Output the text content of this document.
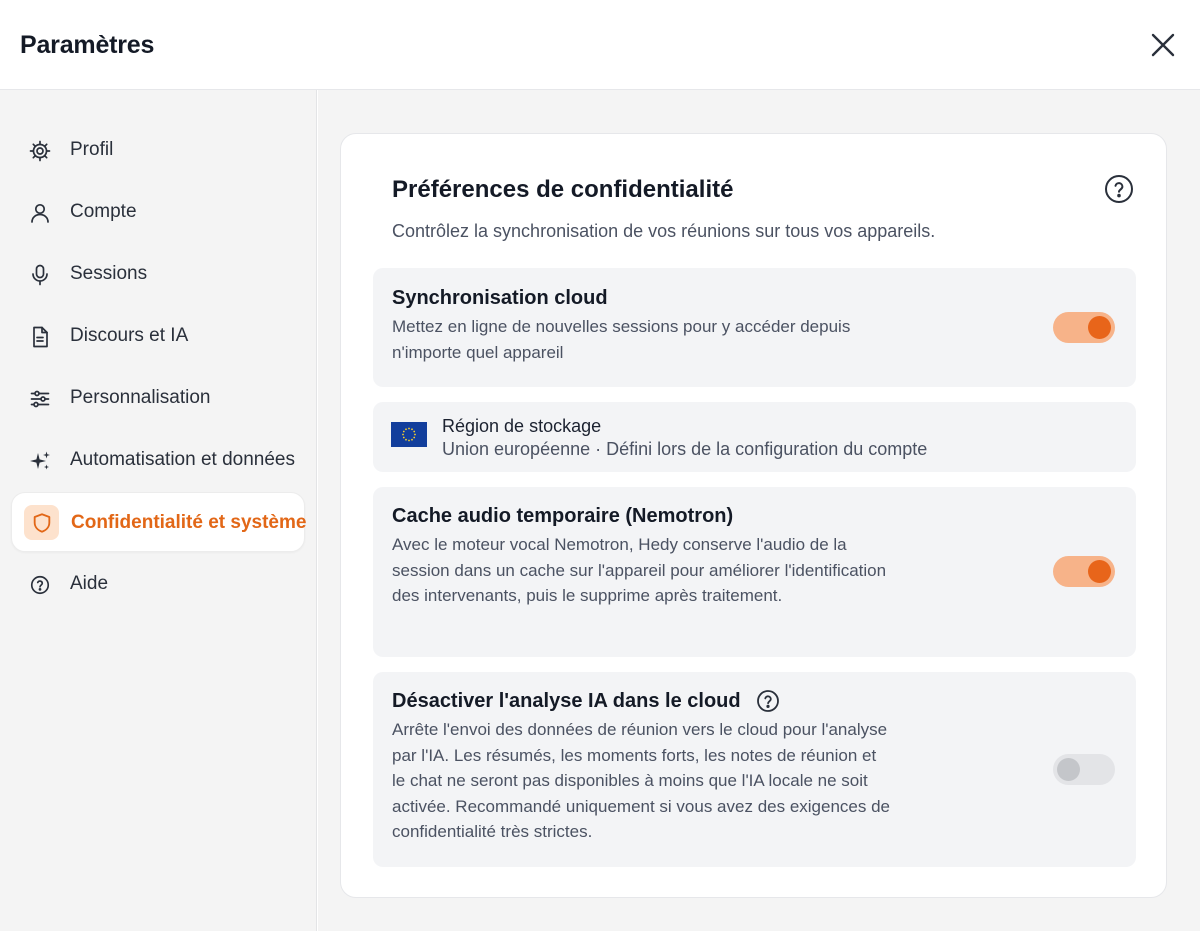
Paramètres
Profil
Compte
Sessions
Discours et IA
Personnalisation
Automatisation et données
Confidentialité et système
Aide
Préférences de confidentialité
Contrôlez la synchronisation de vos réunions sur tous vos appareils.
Synchronisation cloud
Mettez en ligne de nouvelles sessions pour y accéder depuis n'importe quel appareil
Région de stockage
Union européenne · Défini lors de la configuration du compte
Cache audio temporaire (Nemotron)
Avec le moteur vocal Nemotron, Hedy conserve l'audio de la session dans un cache sur l'appareil pour améliorer l'identification des intervenants, puis le supprime après traitement.
Désactiver l'analyse IA dans le cloud
Arrête l'envoi des données de réunion vers le cloud pour l'analyse par l'IA. Les résumés, les moments forts, les notes de réunion et le chat ne seront pas disponibles à moins que l'IA locale ne soit activée. Recommandé uniquement si vous avez des exigences de confidentialité très strictes.
